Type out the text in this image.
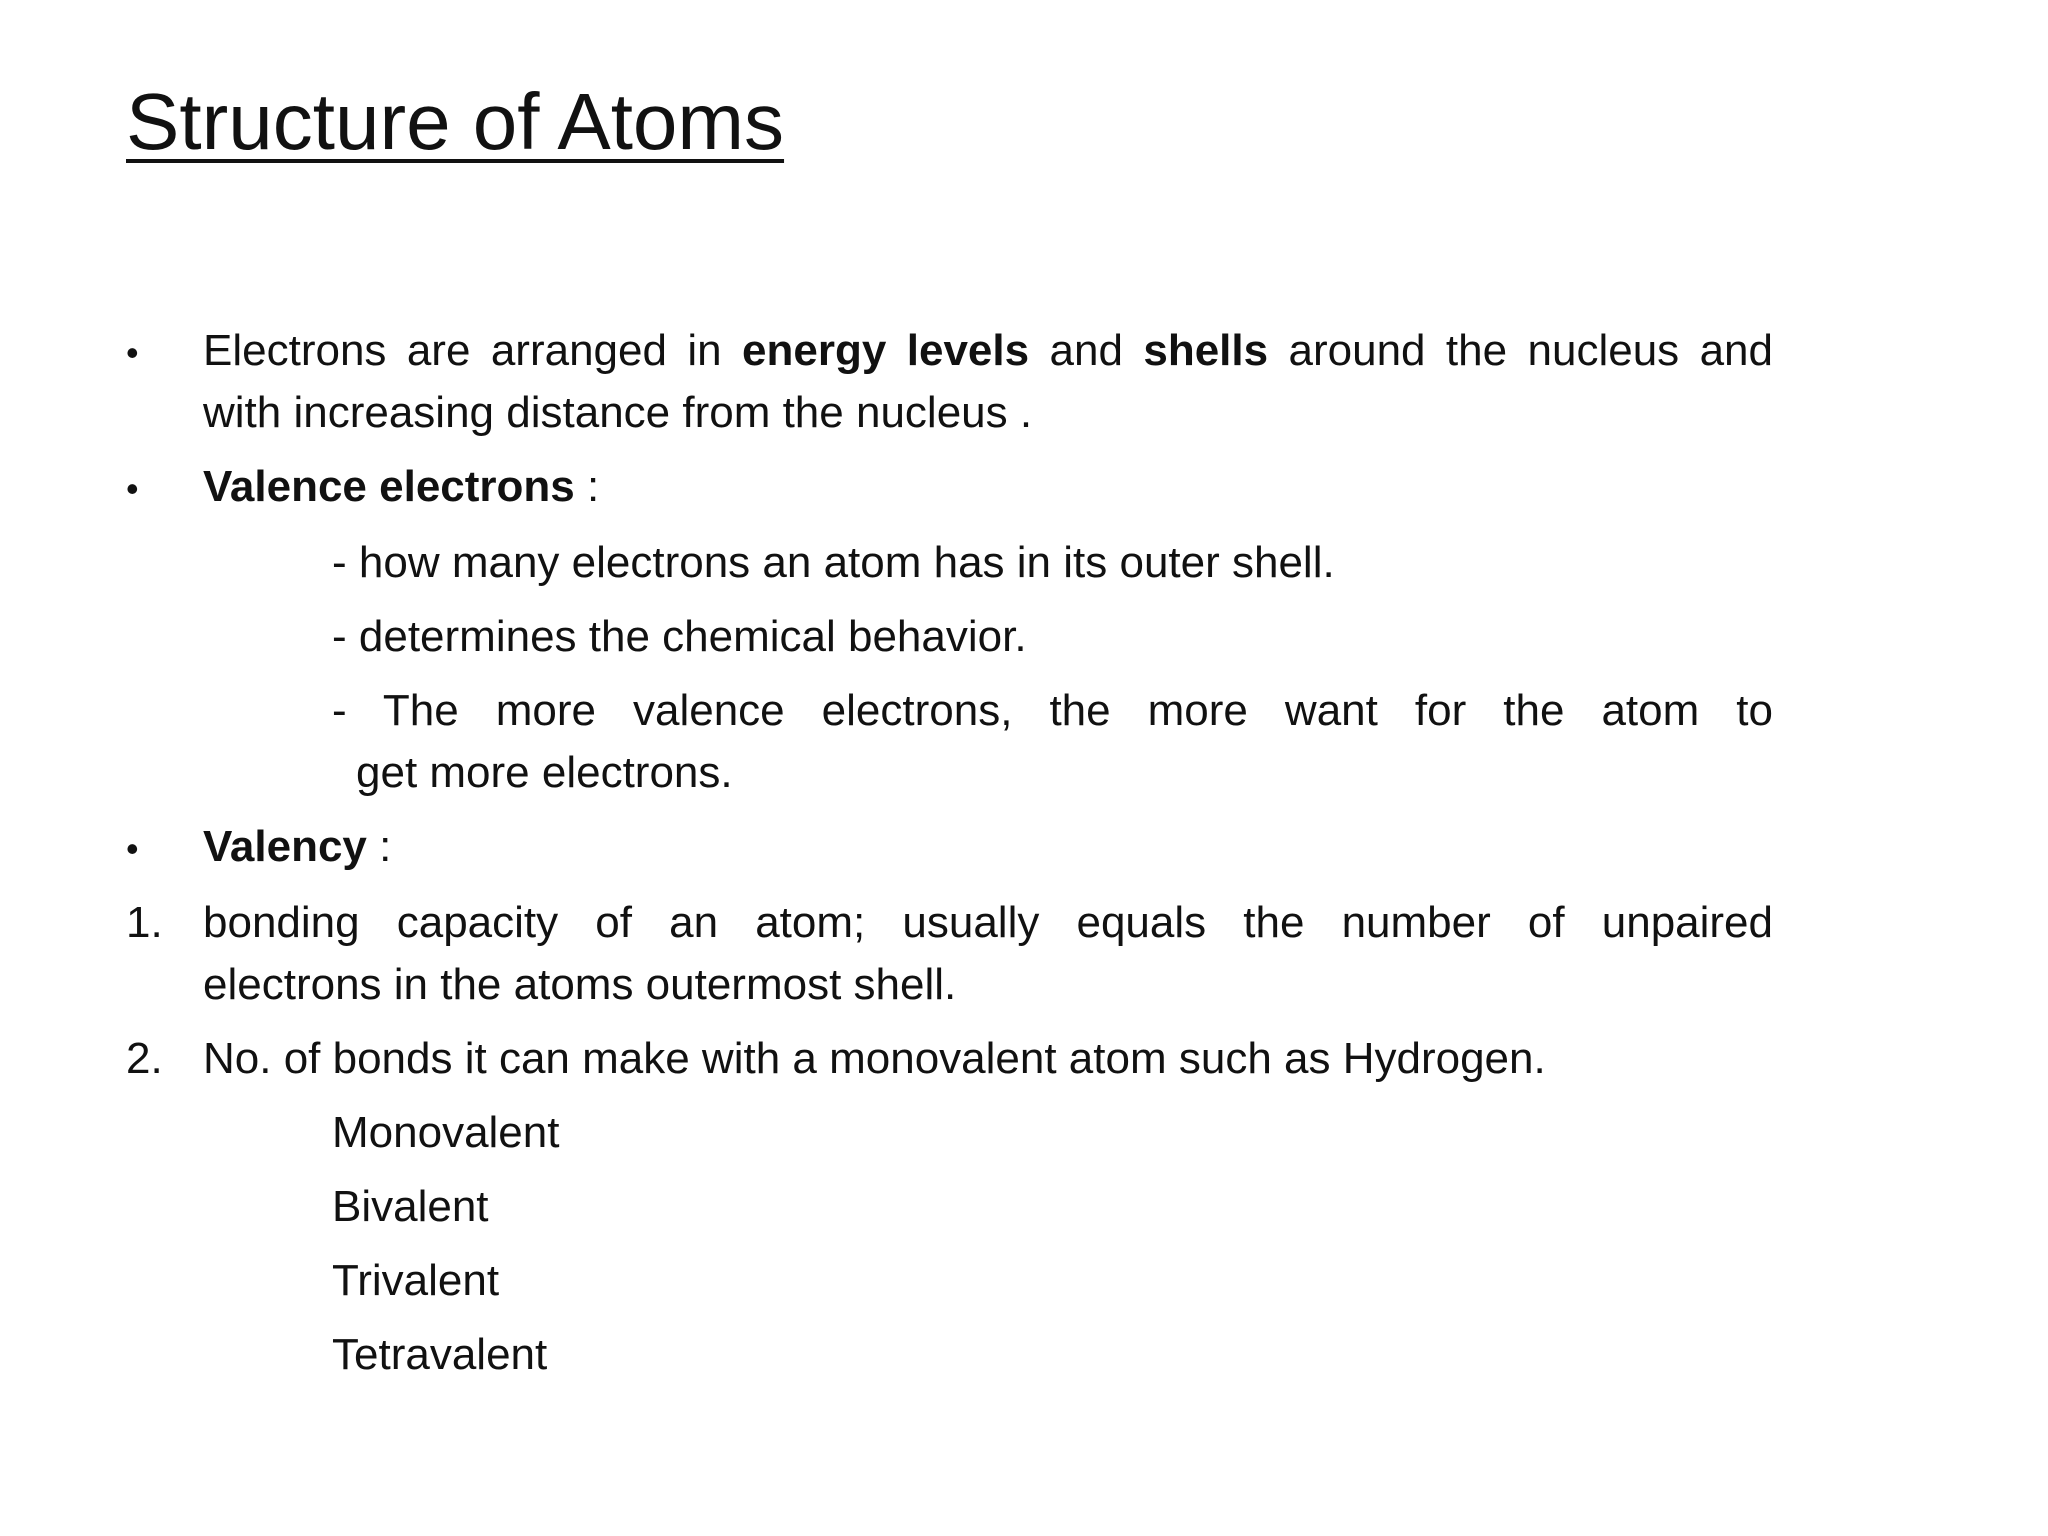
Structure of Atoms
•	Electrons are arranged in energy levels and shells around the nucleus and
with increasing distance from the nucleus .
•	Valence electrons :
- how many electrons an atom has in its outer shell.
- determines the chemical behavior.
- The more valence electrons, the more want for the atom to
get more electrons.
•	Valency :
1. bonding capacity of an atom; usually equals the number of unpaired
electrons in the atoms outermost shell.
2. No. of bonds it can make with a monovalent atom such as Hydrogen.
Monovalent
Bivalent
Trivalent
Tetravalent
